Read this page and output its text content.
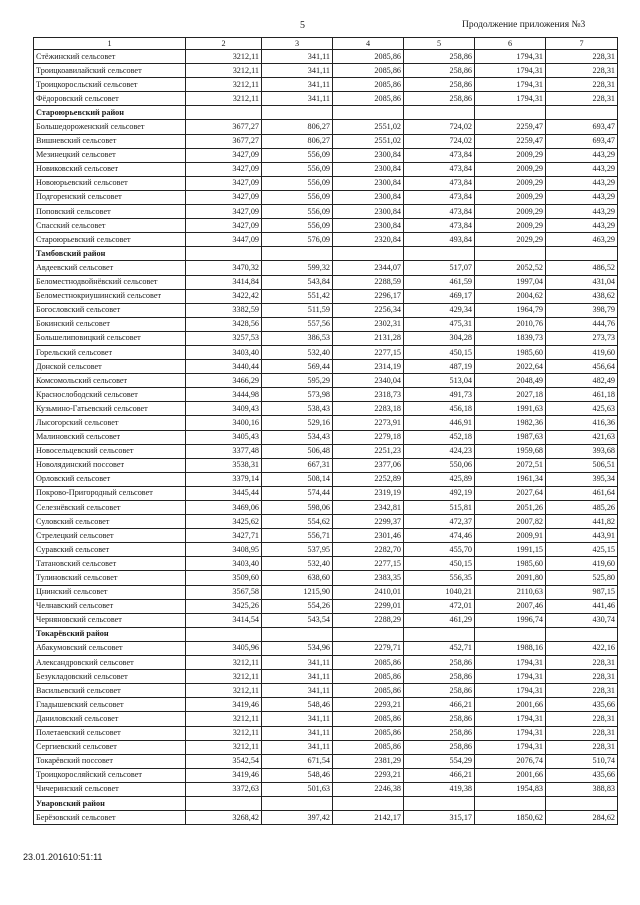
5	Продолжение приложения №3
1	2	3	4	5	6	7
Стёжинский сельсовет	3212,11	341,11	2085,86	258,86	1794,31	228,31
Троицкоавилайский сельсовет	3212,11	341,11	2085,86	258,86	1794,31	228,31
Троицкоросльский сельсовет	3212,11	341,11	2085,86	258,86	1794,31	228,31
Фёдоровский сельсовет	3212,11	341,11	2085,86	258,86	1794,31	228,31
Староюрьевский район						
Большедороженский сельсовет	3677,27	806,27	2551,02	724,02	2259,47	693,47
Вишневский сельсовет	3677,27	806,27	2551,02	724,02	2259,47	693,47
Мезинецкий сельсовет	3427,09	556,09	2300,84	473,84	2009,29	443,29
Новиковский сельсовет	3427,09	556,09	2300,84	473,84	2009,29	443,29
Новоюрьевский сельсовет	3427,09	556,09	2300,84	473,84	2009,29	443,29
Подгоренский сельсовет	3427,09	556,09	2300,84	473,84	2009,29	443,29
Поповский сельсовет	3427,09	556,09	2300,84	473,84	2009,29	443,29
Спасский сельсовет	3427,09	556,09	2300,84	473,84	2009,29	443,29
Староюрьевский сельсовет	3447,09	576,09	2320,84	493,84	2029,29	463,29
Тамбовский район						
Авдеевский сельсовет	3470,32	599,32	2344,07	517,07	2052,52	486,52
Беломестнодвойнёвский сельсовет	3414,84	543,84	2288,59	461,59	1997,04	431,04
Беломестнокриушинский сельсовет	3422,42	551,42	2296,17	469,17	2004,62	438,62
Богословский сельсовет	3382,59	511,59	2256,34	429,34	1964,79	398,79
Бокинский сельсовет	3428,56	557,56	2302,31	475,31	2010,76	444,76
Большелиповицкий сельсовет	3257,53	386,53	2131,28	304,28	1839,73	273,73
Горельский сельсовет	3403,40	532,40	2277,15	450,15	1985,60	419,60
Донской сельсовет	3440,44	569,44	2314,19	487,19	2022,64	456,64
Комсомольский сельсовет	3466,29	595,29	2340,04	513,04	2048,49	482,49
Краснослободский сельсовет	3444,98	573,98	2318,73	491,73	2027,18	461,18
Кузьмино-Гатьевский сельсовет	3409,43	538,43	2283,18	456,18	1991,63	425,63
Лысогорский сельсовет	3400,16	529,16	2273,91	446,91	1982,36	416,36
Малиновский сельсовет	3405,43	534,43	2279,18	452,18	1987,63	421,63
Новосельцевский сельсовет	3377,48	506,48	2251,23	424,23	1959,68	393,68
Новолядинский поссовет	3538,31	667,31	2377,06	550,06	2072,51	506,51
Орловский сельсовет	3379,14	508,14	2252,89	425,89	1961,34	395,34
Покрово-Пригородный сельсовет	3445,44	574,44	2319,19	492,19	2027,64	461,64
Селезнёвский сельсовет	3469,06	598,06	2342,81	515,81	2051,26	485,26
Суловский сельсовет	3425,62	554,62	2299,37	472,37	2007,82	441,82
Стрелецкий сельсовет	3427,71	556,71	2301,46	474,46	2009,91	443,91
Суравский сельсовет	3408,95	537,95	2282,70	455,70	1991,15	425,15
Татановский сельсовет	3403,40	532,40	2277,15	450,15	1985,60	419,60
Тулиновский сельсовет	3509,60	638,60	2383,35	556,35	2091,80	525,80
Цнинский сельсовет	3567,58	1215,90	2410,01	1040,21	2110,63	987,15
Челнавский сельсовет	3425,26	554,26	2299,01	472,01	2007,46	441,46
Черняновский сельсовет	3414,54	543,54	2288,29	461,29	1996,74	430,74
Токарёвский район						
Абакумовский сельсовет	3405,96	534,96	2279,71	452,71	1988,16	422,16
Александровский сельсовет	3212,11	341,11	2085,86	258,86	1794,31	228,31
Безукладовский сельсовет	3212,11	341,11	2085,86	258,86	1794,31	228,31
Васильевский сельсовет	3212,11	341,11	2085,86	258,86	1794,31	228,31
Гладышевский сельсовет	3419,46	548,46	2293,21	466,21	2001,66	435,66
Даниловский сельсовет	3212,11	341,11	2085,86	258,86	1794,31	228,31
Полетаевский сельсовет	3212,11	341,11	2085,86	258,86	1794,31	228,31
Сергиевский сельсовет	3212,11	341,11	2085,86	258,86	1794,31	228,31
Токарёвский поссовет	3542,54	671,54	2381,29	554,29	2076,74	510,74
Троицкоросляйский сельсовет	3419,46	548,46	2293,21	466,21	2001,66	435,66
Чичеринский сельсовет	3372,63	501,63	2246,38	419,38	1954,83	388,83
Уваровский район						
Берёзовский сельсовет	3268,42	397,42	2142,17	315,17	1850,62	284,62
23.01.201610:51:11
